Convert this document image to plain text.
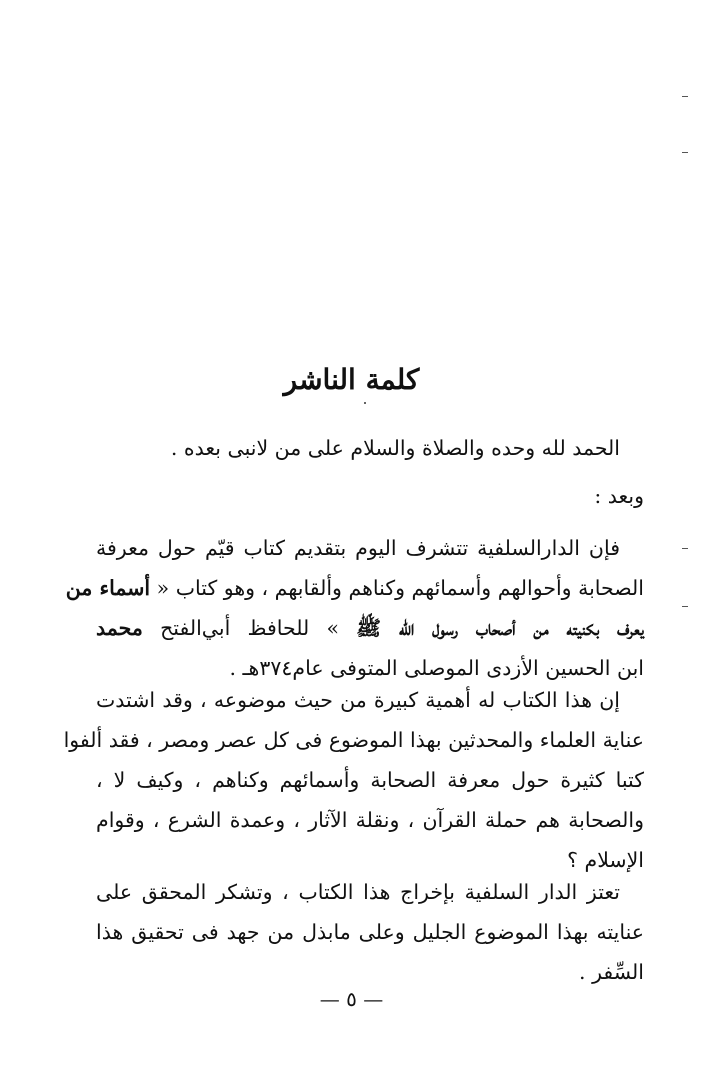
كلمة الناشر
الحمد لله وحده والصلاة والسلام على من لانبى بعده .
وبعد :
فإن الدارالسلفية تتشرف اليوم بتقديم كتاب قيّم حول معرفة
الصحابة وأحوالهم وأسمائهم وكناهم وألقابهم ، وهو كتاب « أسماء من
يعرف بكنيته من أصحاب رسول الله ﷺ » للحافظ أبي‌الفتح محمد
ابن الحسين الأزدى الموصلى المتوفى عام٣٧٤هـ .
إن هذا الكتاب له أهمية كبيرة من حيث موضوعه ، وقد اشتدت
عناية العلماء والمحدثين بهذا الموضوع فى كل عصر ومصر ، فقد ألفوا
كتبا كثيرة حول معرفة الصحابة وأسمائهم وكناهم ، وكيف لا ،
والصحابة هم حملة القرآن ، ونقلة الآثار ، وعمدة الشرع ، وقوام
الإسلام ؟
تعتز الدار السلفية بإخراج هذا الكتاب ، وتشكر المحقق على
عنايته بهذا الموضوع الجليل وعلى مابذل من جهد فى تحقيق هذا
السِّفر .
— ٥ —
